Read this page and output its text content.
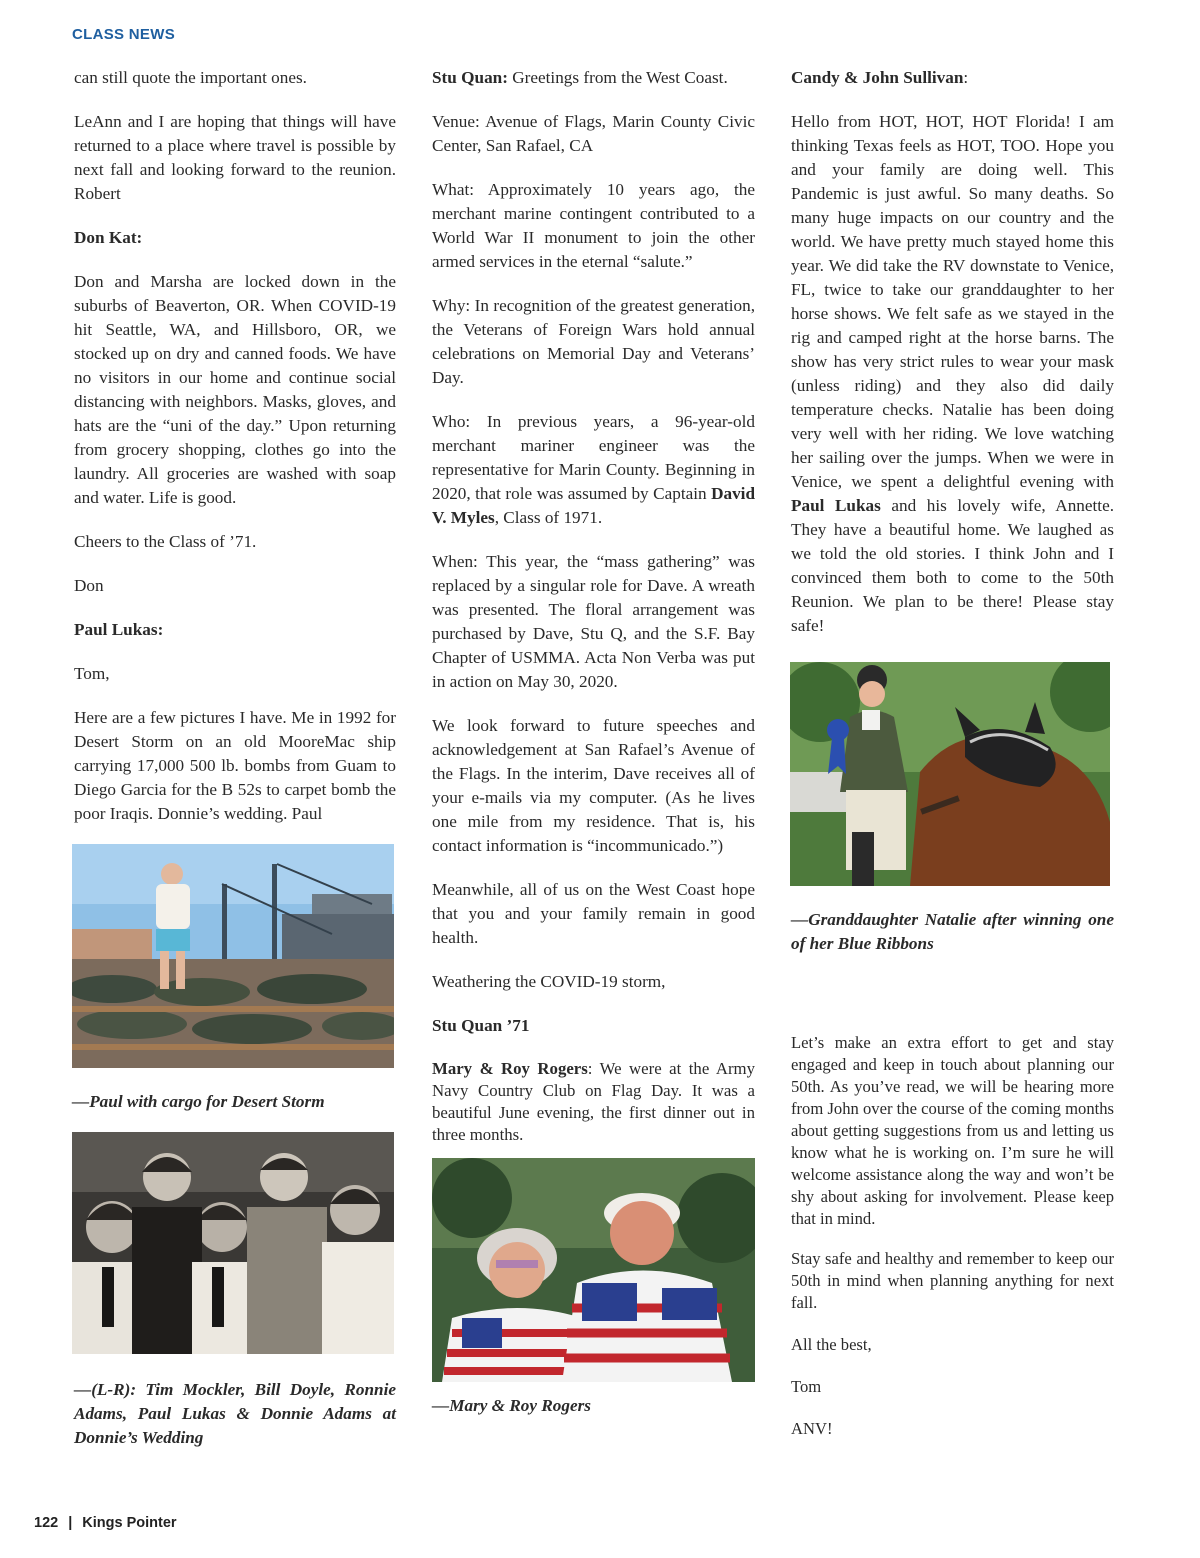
CLASS NEWS

can still quote the important ones.

LeAnn and I are hoping that things will have returned to a place where travel is possible by next fall and looking forward to the reunion. Robert

Don Kat:

Don and Marsha are locked down in the suburbs of Beaverton, OR. When COVID-19 hit Seattle, WA, and Hillsboro, OR, we stocked up on dry and canned foods. We have no visitors in our home and continue social distancing with neighbors. Masks, gloves, and hats are the “uni of the day.” Upon returning from grocery shopping, clothes go into the laundry. All groceries are washed with soap and water. Life is good.

Cheers to the Class of ’71.

Don

Paul Lukas:

Tom,

Here are a few pictures I have. Me in 1992 for Desert Storm on an old MooreMac ship carrying 17,000 500 lb. bombs from Guam to Diego Garcia for the B 52s to carpet bomb the poor Iraqis. Donnie’s wedding. Paul

—Paul with cargo for Desert Storm

—(L-R): Tim Mockler, Bill Doyle, Ronnie Adams, Paul Lukas & Donnie Adams at Donnie’s Wedding

Stu Quan: Greetings from the West Coast.

Venue: Avenue of Flags, Marin County Civic Center, San Rafael, CA

What: Approximately 10 years ago, the merchant marine contingent contributed to a World War II monument to join the other armed services in the eternal “salute.”

Why: In recognition of the greatest generation, the Veterans of Foreign Wars hold annual celebrations on Memorial Day and Veterans’ Day.

Who: In previous years, a 96-year-old merchant mariner engineer was the representative for Marin County. Beginning in 2020, that role was assumed by Captain David V. Myles, Class of 1971.

When: This year, the “mass gathering” was replaced by a singular role for Dave. A wreath was presented. The floral arrangement was purchased by Dave, Stu Q, and the S.F. Bay Chapter of USMMA. Acta Non Verba was put in action on May 30, 2020.

We look forward to future speeches and acknowledgement at San Rafael’s Avenue of the Flags. In the interim, Dave receives all of your e-mails via my computer. (As he lives one mile from my residence. That is, his contact information is “incommunicado.”)

Meanwhile, all of us on the West Coast hope that you and your family remain in good health.

Weathering the COVID-19 storm,

Stu Quan ’71

Mary & Roy Rogers: We were at the Army Navy Country Club on Flag Day. It was a beautiful June evening, the first dinner out in three months.

—Mary & Roy Rogers

Candy & John Sullivan:

Hello from HOT, HOT, HOT Florida! I am thinking Texas feels as HOT, TOO. Hope you and your family are doing well. This Pandemic is just awful. So many deaths. So many huge impacts on our country and the world. We have pretty much stayed home this year. We did take the RV downstate to Venice, FL, twice to take our granddaughter to her horse shows. We felt safe as we stayed in the rig and camped right at the horse barns. The show has very strict rules to wear your mask (unless riding) and they also did daily temperature checks. Natalie has been doing very well with her riding. We love watching her sailing over the jumps. When we were in Venice, we spent a delightful evening with Paul Lukas and his lovely wife, Annette. They have a beautiful home. We laughed as we told the old stories. I think John and I convinced them both to come to the 50th Reunion. We plan to be there! Please stay safe!

—Granddaughter Natalie after winning one of her Blue Ribbons

Let’s make an extra effort to get and stay engaged and keep in touch about planning our 50th. As you’ve read, we will be hearing more from John over the course of the coming months about getting suggestions from us and letting us know what he is working on. I’m sure he will welcome assistance along the way and won’t be shy about asking for involvement. Please keep that in mind.

Stay safe and healthy and remember to keep our 50th in mind when planning anything for next fall.

All the best,

Tom

ANV!

122 | Kings Pointer
